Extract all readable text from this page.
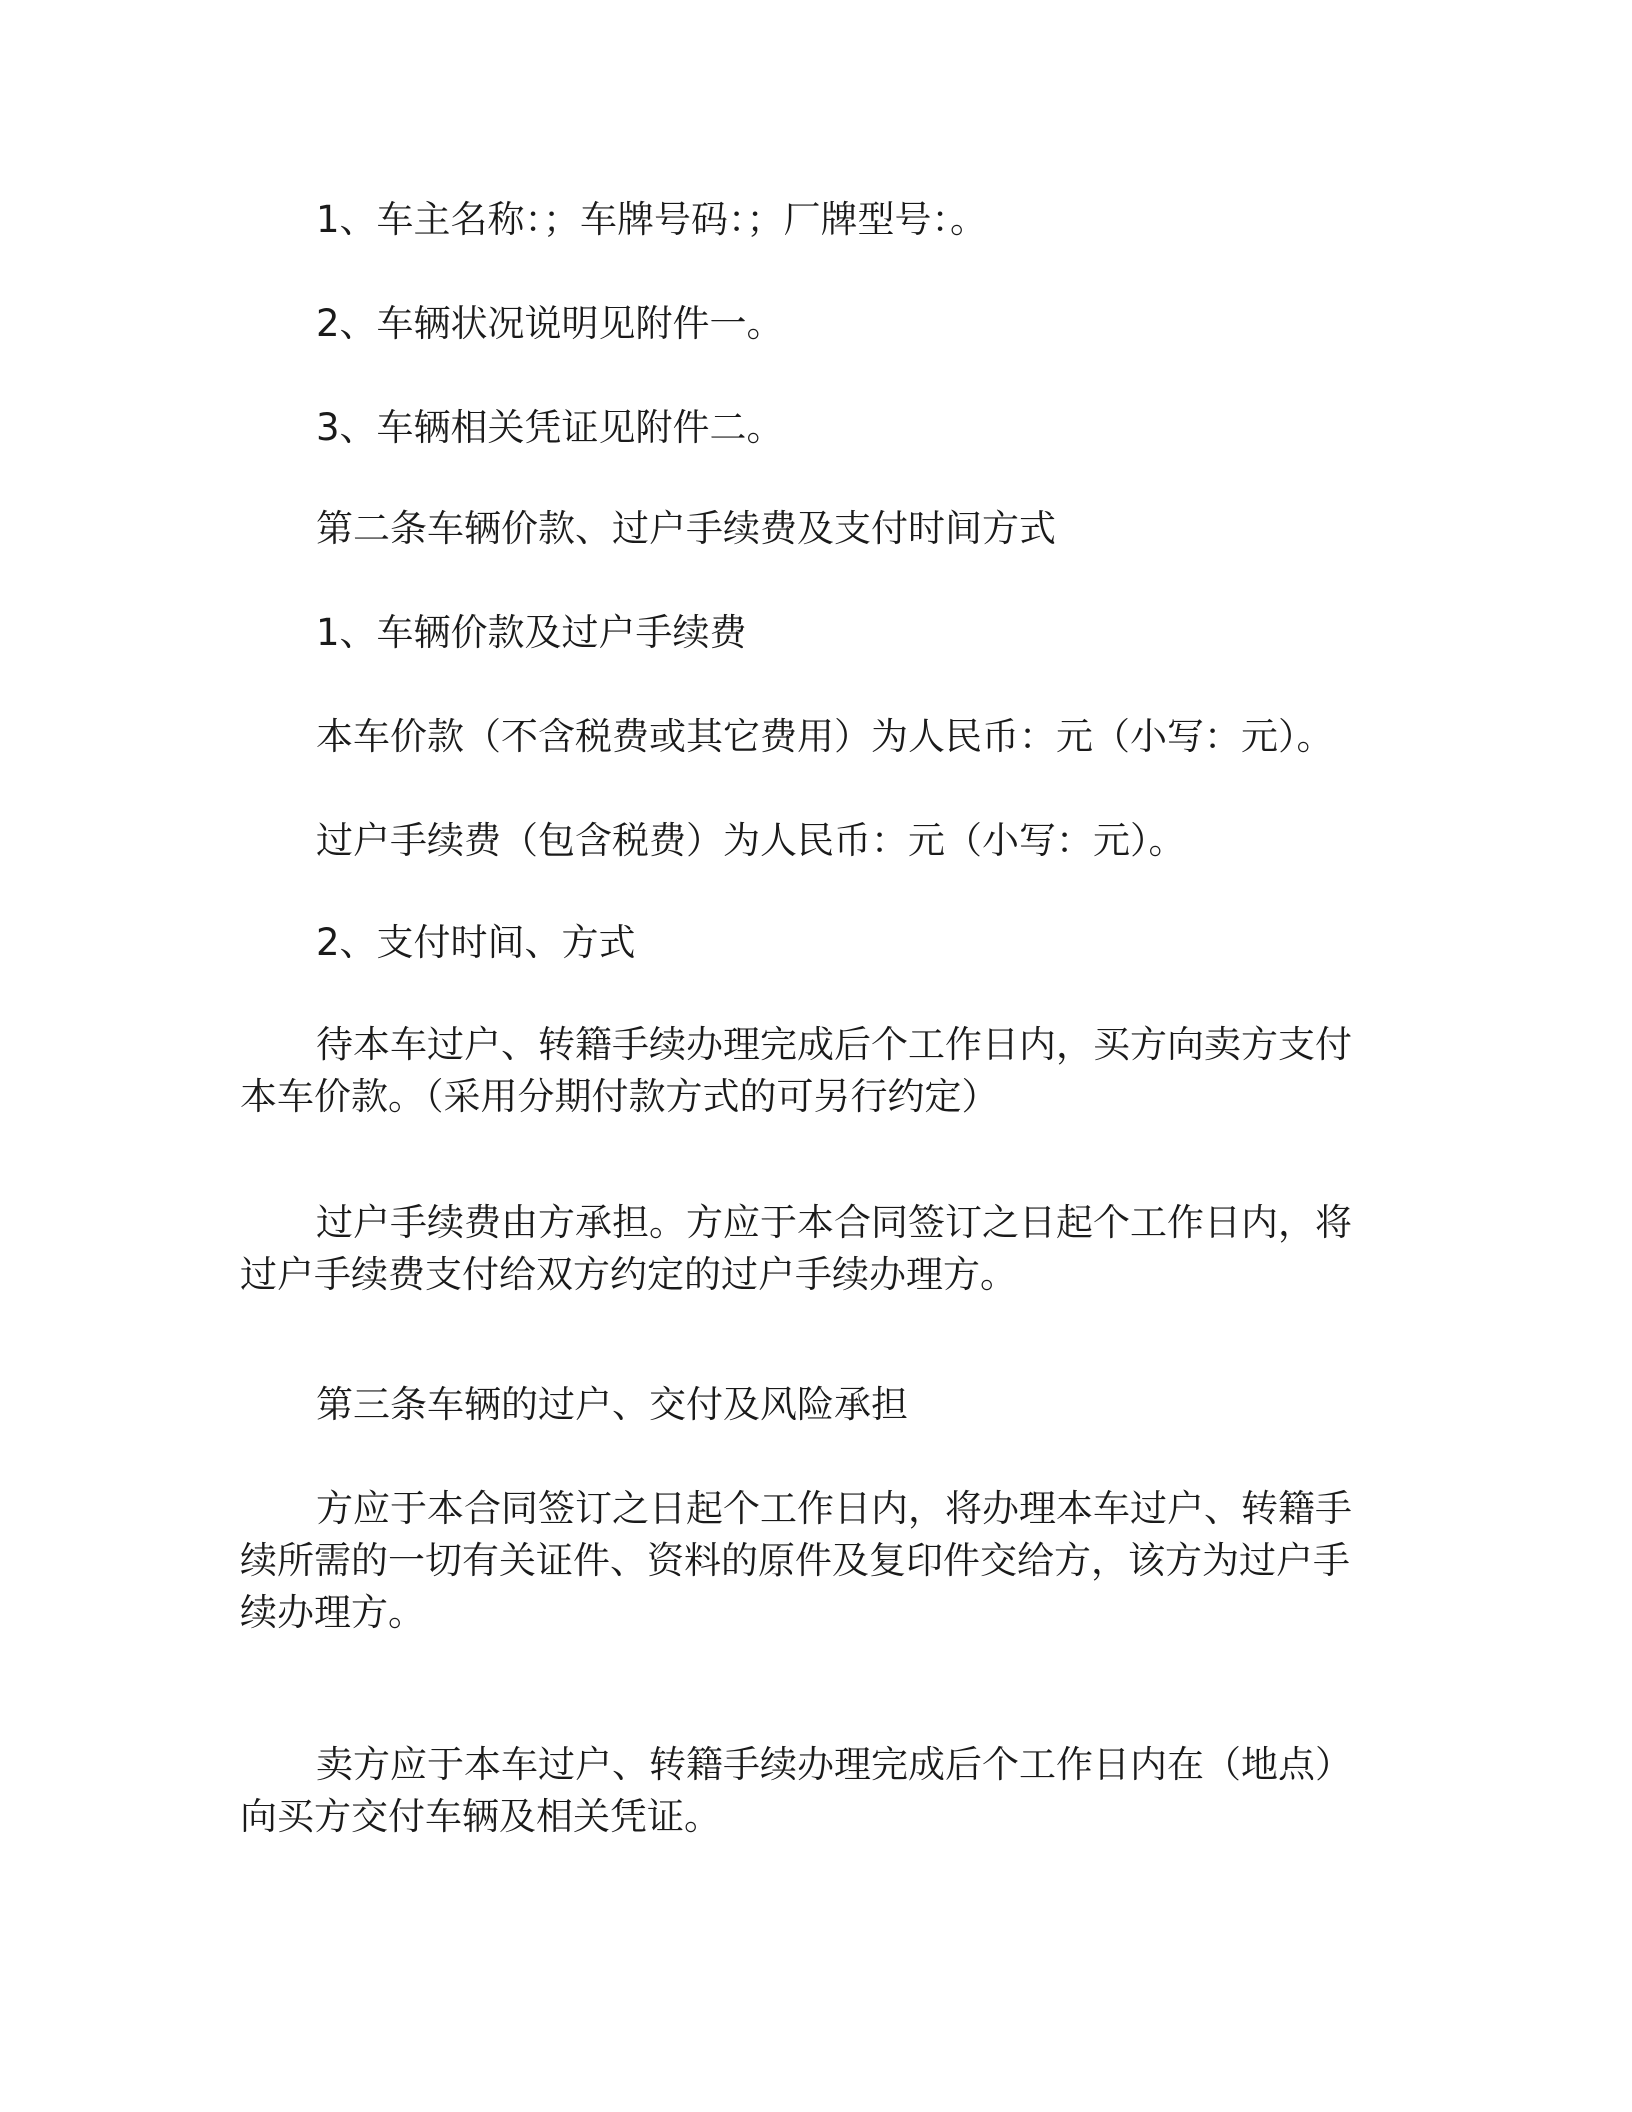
1、车主名称：；车牌号码：；厂牌型号：。

2、车辆状况说明见附件一。

3、车辆相关凭证见附件二。

第二条车辆价款、过户手续费及支付时间方式

1、车辆价款及过户手续费

本车价款（不含税费或其它费用）为人民币：元（小写：元）。

过户手续费（包含税费）为人民币：元（小写：元）。

2、支付时间、方式

待本车过户、转籍手续办理完成后个工作日内，买方向卖方支付本车价款。（采用分期付款方式的可另行约定）

过户手续费由方承担。方应于本合同签订之日起个工作日内，将过户手续费支付给双方约定的过户手续办理方。

第三条车辆的过户、交付及风险承担

方应于本合同签订之日起个工作日内，将办理本车过户、转籍手续所需的一切有关证件、资料的原件及复印件交给方，该方为过户手续办理方。

卖方应于本车过户、转籍手续办理完成后个工作日内在（地点）向买方交付车辆及相关凭证。
